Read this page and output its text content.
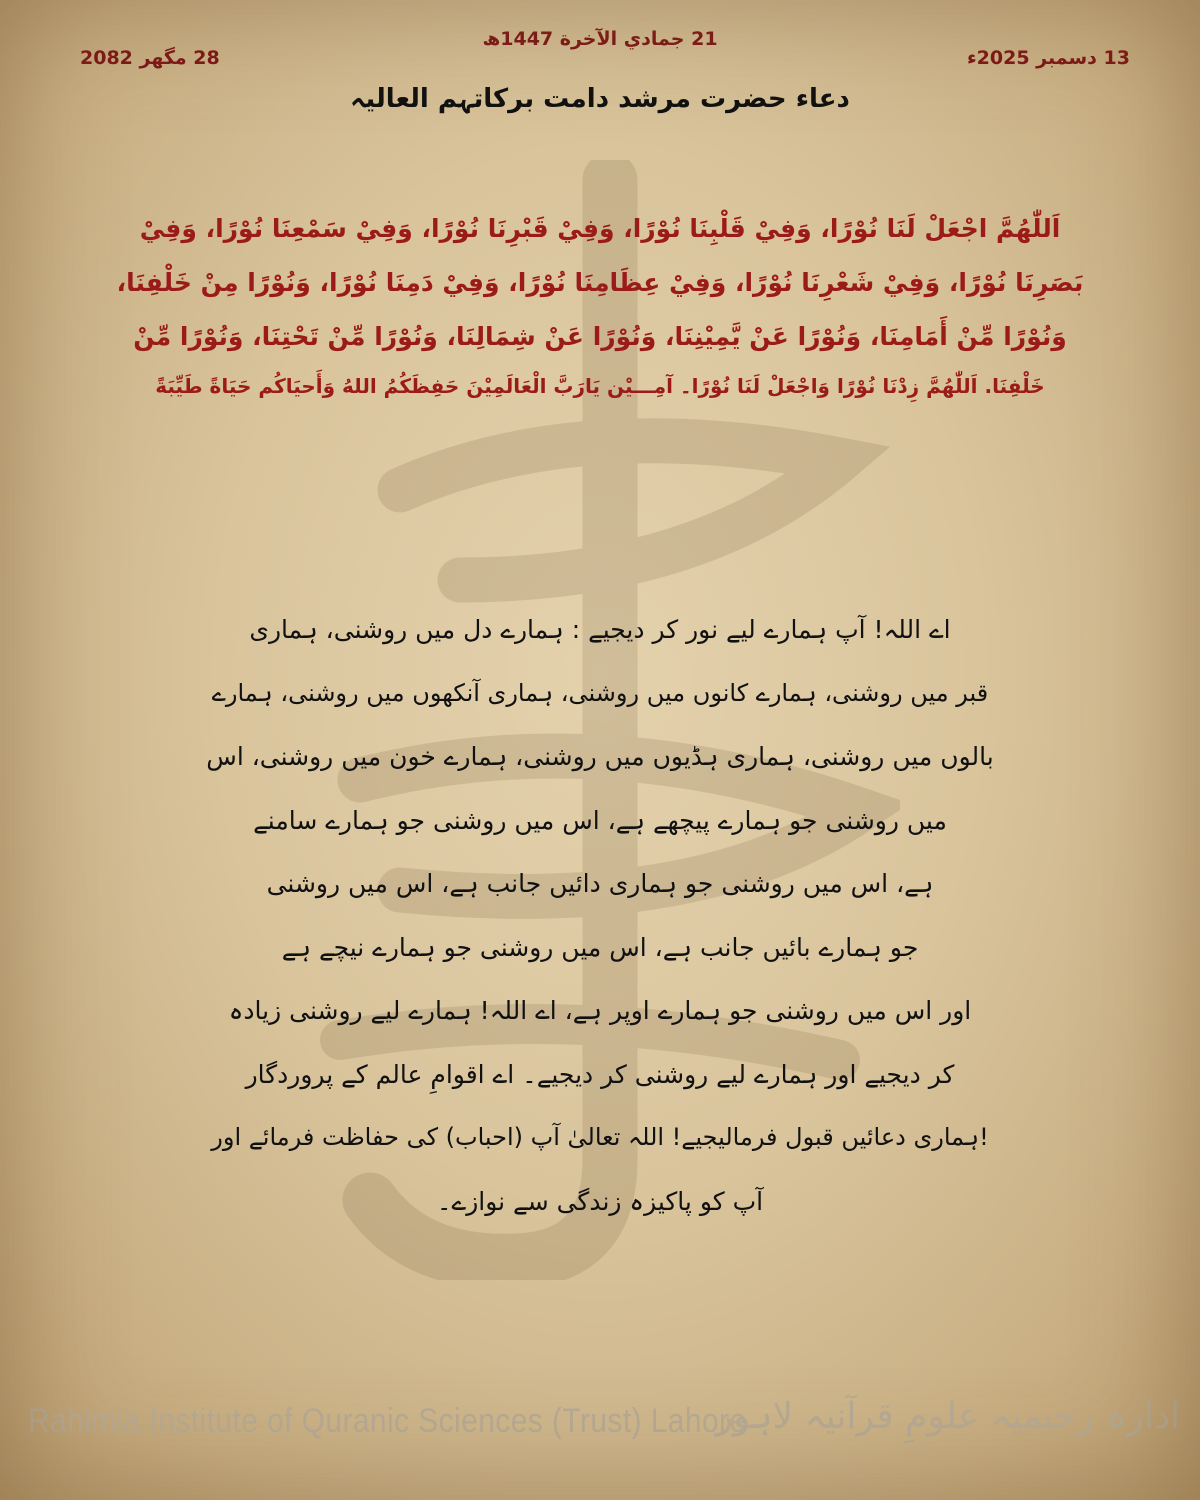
13 دسمبر 2025ء
21 جمادي الآخرة 1447ھ
28 مگھر 2082
دعاء حضرت مرشد دامت برکاتہم العالیہ
اَللّٰهُمَّ اجْعَلْ لَنَا نُوْرًا، وَفِيْ قَلْبِنَا نُوْرًا، وَفِيْ قَبْرِنَا نُوْرًا، وَفِيْ سَمْعِنَا نُوْرًا، وَفِيْ
بَصَرِنَا نُوْرًا، وَفِيْ شَعْرِنَا نُوْرًا، وَفِيْ عِظَامِنَا نُوْرًا، وَفِيْ دَمِنَا نُوْرًا، وَنُوْرًا مِنْ خَلْفِنَا،
وَنُوْرًا مِّنْ أَمَامِنَا، وَنُوْرًا عَنْ يَّمِيْنِنَا، وَنُوْرًا عَنْ شِمَالِنَا، وَنُوْرًا مِّنْ تَحْتِنَا، وَنُوْرًا مِّنْ
خَلْفِنَا. اَللّٰهُمَّ زِدْنَا نُوْرًا وَاجْعَلْ لَنَا نُوْرًا۔ آمِـــيْن يَارَبَّ الْعَالَمِيْنَ حَفِظَكُمُ اللهُ وَأَحيَاكُم حَيَاةً طَيِّبَةً
اے اللہ! آپ ہمارے لیے نور کر دیجیے : ہمارے دل میں روشنی، ہماری
قبر میں روشنی، ہمارے کانوں میں روشنی، ہماری آنکھوں میں روشنی، ہمارے
بالوں میں روشنی، ہماری ہڈیوں میں روشنی، ہمارے خون میں روشنی، اس
میں روشنی جو ہمارے پیچھے ہے، اس میں روشنی جو ہمارے سامنے
ہے، اس میں روشنی جو ہماری دائیں جانب ہے، اس میں روشنی
جو ہمارے بائیں جانب ہے، اس میں روشنی جو ہمارے نیچے ہے
اور اس میں روشنی جو ہمارے اوپر ہے، اے اللہ! ہمارے لیے روشنی زیادہ
کر دیجیے اور ہمارے لیے روشنی کر دیجیے۔ اے اقوامِ عالم کے پروردگار
!ہماری دعائیں قبول فرمالیجیے! اللہ تعالیٰ آپ (احباب) کی حفاظت فرمائے اور
آپ کو پاکیزہ زندگی سے نوازے۔
Rahimia Institute of Quranic Sciences (Trust) Lahore
ادارہ رحیمیہ علومِ قرآنیہ لاہور
